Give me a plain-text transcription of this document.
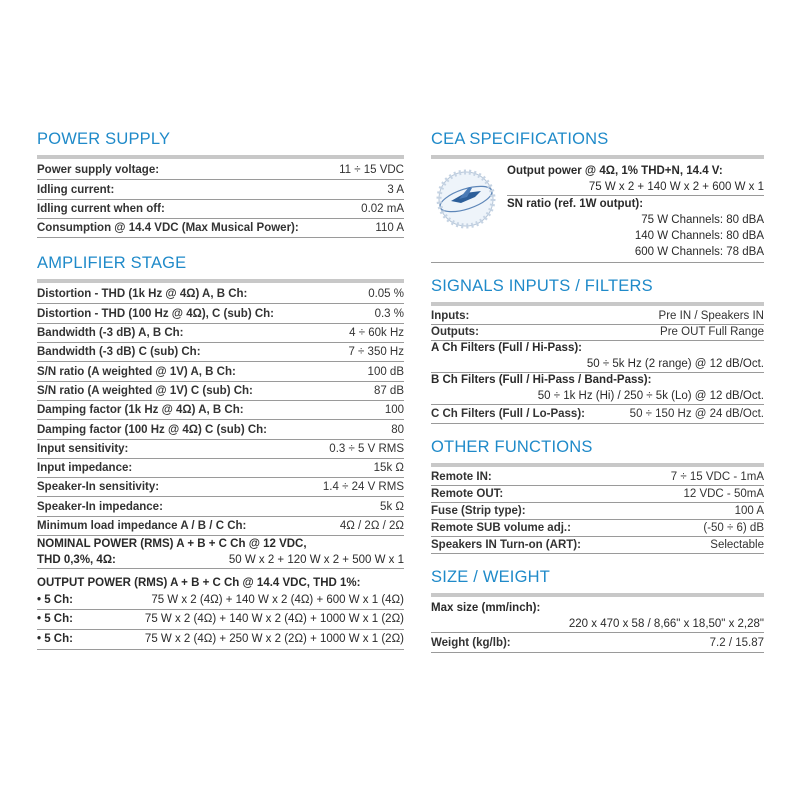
POWER SUPPLY
Power supply voltage:	11 ÷ 15 VDC
Idling current:	3 A
Idling current when off:	0.02 mA
Consumption @ 14.4 VDC (Max Musical Power):	110 A
AMPLIFIER STAGE
Distortion - THD (1k Hz @ 4Ω) A, B Ch:	0.05 %
Distortion - THD (100 Hz @ 4Ω), C (sub) Ch:	0.3 %
Bandwidth (-3 dB) A, B Ch:	4 ÷ 60k Hz
Bandwidth (-3 dB) C (sub) Ch:	7 ÷ 350 Hz
S/N ratio (A weighted @ 1V) A, B Ch:	100 dB
S/N ratio (A weighted @ 1V) C (sub) Ch:	87 dB
Damping factor (1k Hz @ 4Ω) A, B Ch:	100
Damping factor (100 Hz @ 4Ω) C (sub) Ch:	80
Input sensitivity:	0.3 ÷ 5 V RMS
Input impedance:	15k Ω
Speaker-In sensitivity:	1.4 ÷ 24 V RMS
Speaker-In impedance:	5k Ω
Minimum load impedance A / B / C Ch:	4Ω / 2Ω / 2Ω
NOMINAL POWER (RMS) A + B + C Ch @ 12 VDC,
THD 0,3%, 4Ω:	50 W x 2 + 120 W x 2 + 500 W x 1
OUTPUT POWER (RMS) A + B + C Ch @ 14.4 VDC, THD 1%:
• 5 Ch:	75 W x 2 (4Ω) + 140 W x 2 (4Ω) + 600 W x 1 (4Ω)
• 5 Ch:	75 W x 2 (4Ω) + 140 W x 2 (4Ω) + 1000 W x 1 (2Ω)
• 5 Ch:	75 W x 2 (4Ω) + 250 W x 2 (2Ω) + 1000 W x 1 (2Ω)
CEA SPECIFICATIONS
Output power @ 4Ω, 1% THD+N, 14.4 V:
75 W x 2 + 140 W x 2 + 600 W x 1
SN ratio (ref. 1W output):
75 W Channels: 80 dBA
140 W Channels: 80 dBA
600 W Channels: 78 dBA
SIGNALS INPUTS / FILTERS
Inputs:	Pre IN / Speakers IN
Outputs:	Pre OUT Full Range
A Ch Filters (Full / Hi-Pass):
50 ÷ 5k Hz (2 range) @ 12 dB/Oct.
B Ch Filters (Full / Hi-Pass / Band-Pass):
50 ÷ 1k Hz (Hi) / 250 ÷ 5k (Lo) @ 12 dB/Oct.
C Ch Filters (Full / Lo-Pass):	50 ÷ 150 Hz @ 24 dB/Oct.
OTHER FUNCTIONS
Remote IN:	7 ÷ 15 VDC - 1mA
Remote OUT:	12 VDC - 50mA
Fuse (Strip type):	100 A
Remote SUB volume adj.:	(-50 ÷ 6) dB
Speakers IN Turn-on (ART):	Selectable
SIZE / WEIGHT
Max size (mm/inch):
220 x 470 x 58 / 8,66" x 18,50" x 2,28"
Weight (kg/lb):	7.2 / 15.87
